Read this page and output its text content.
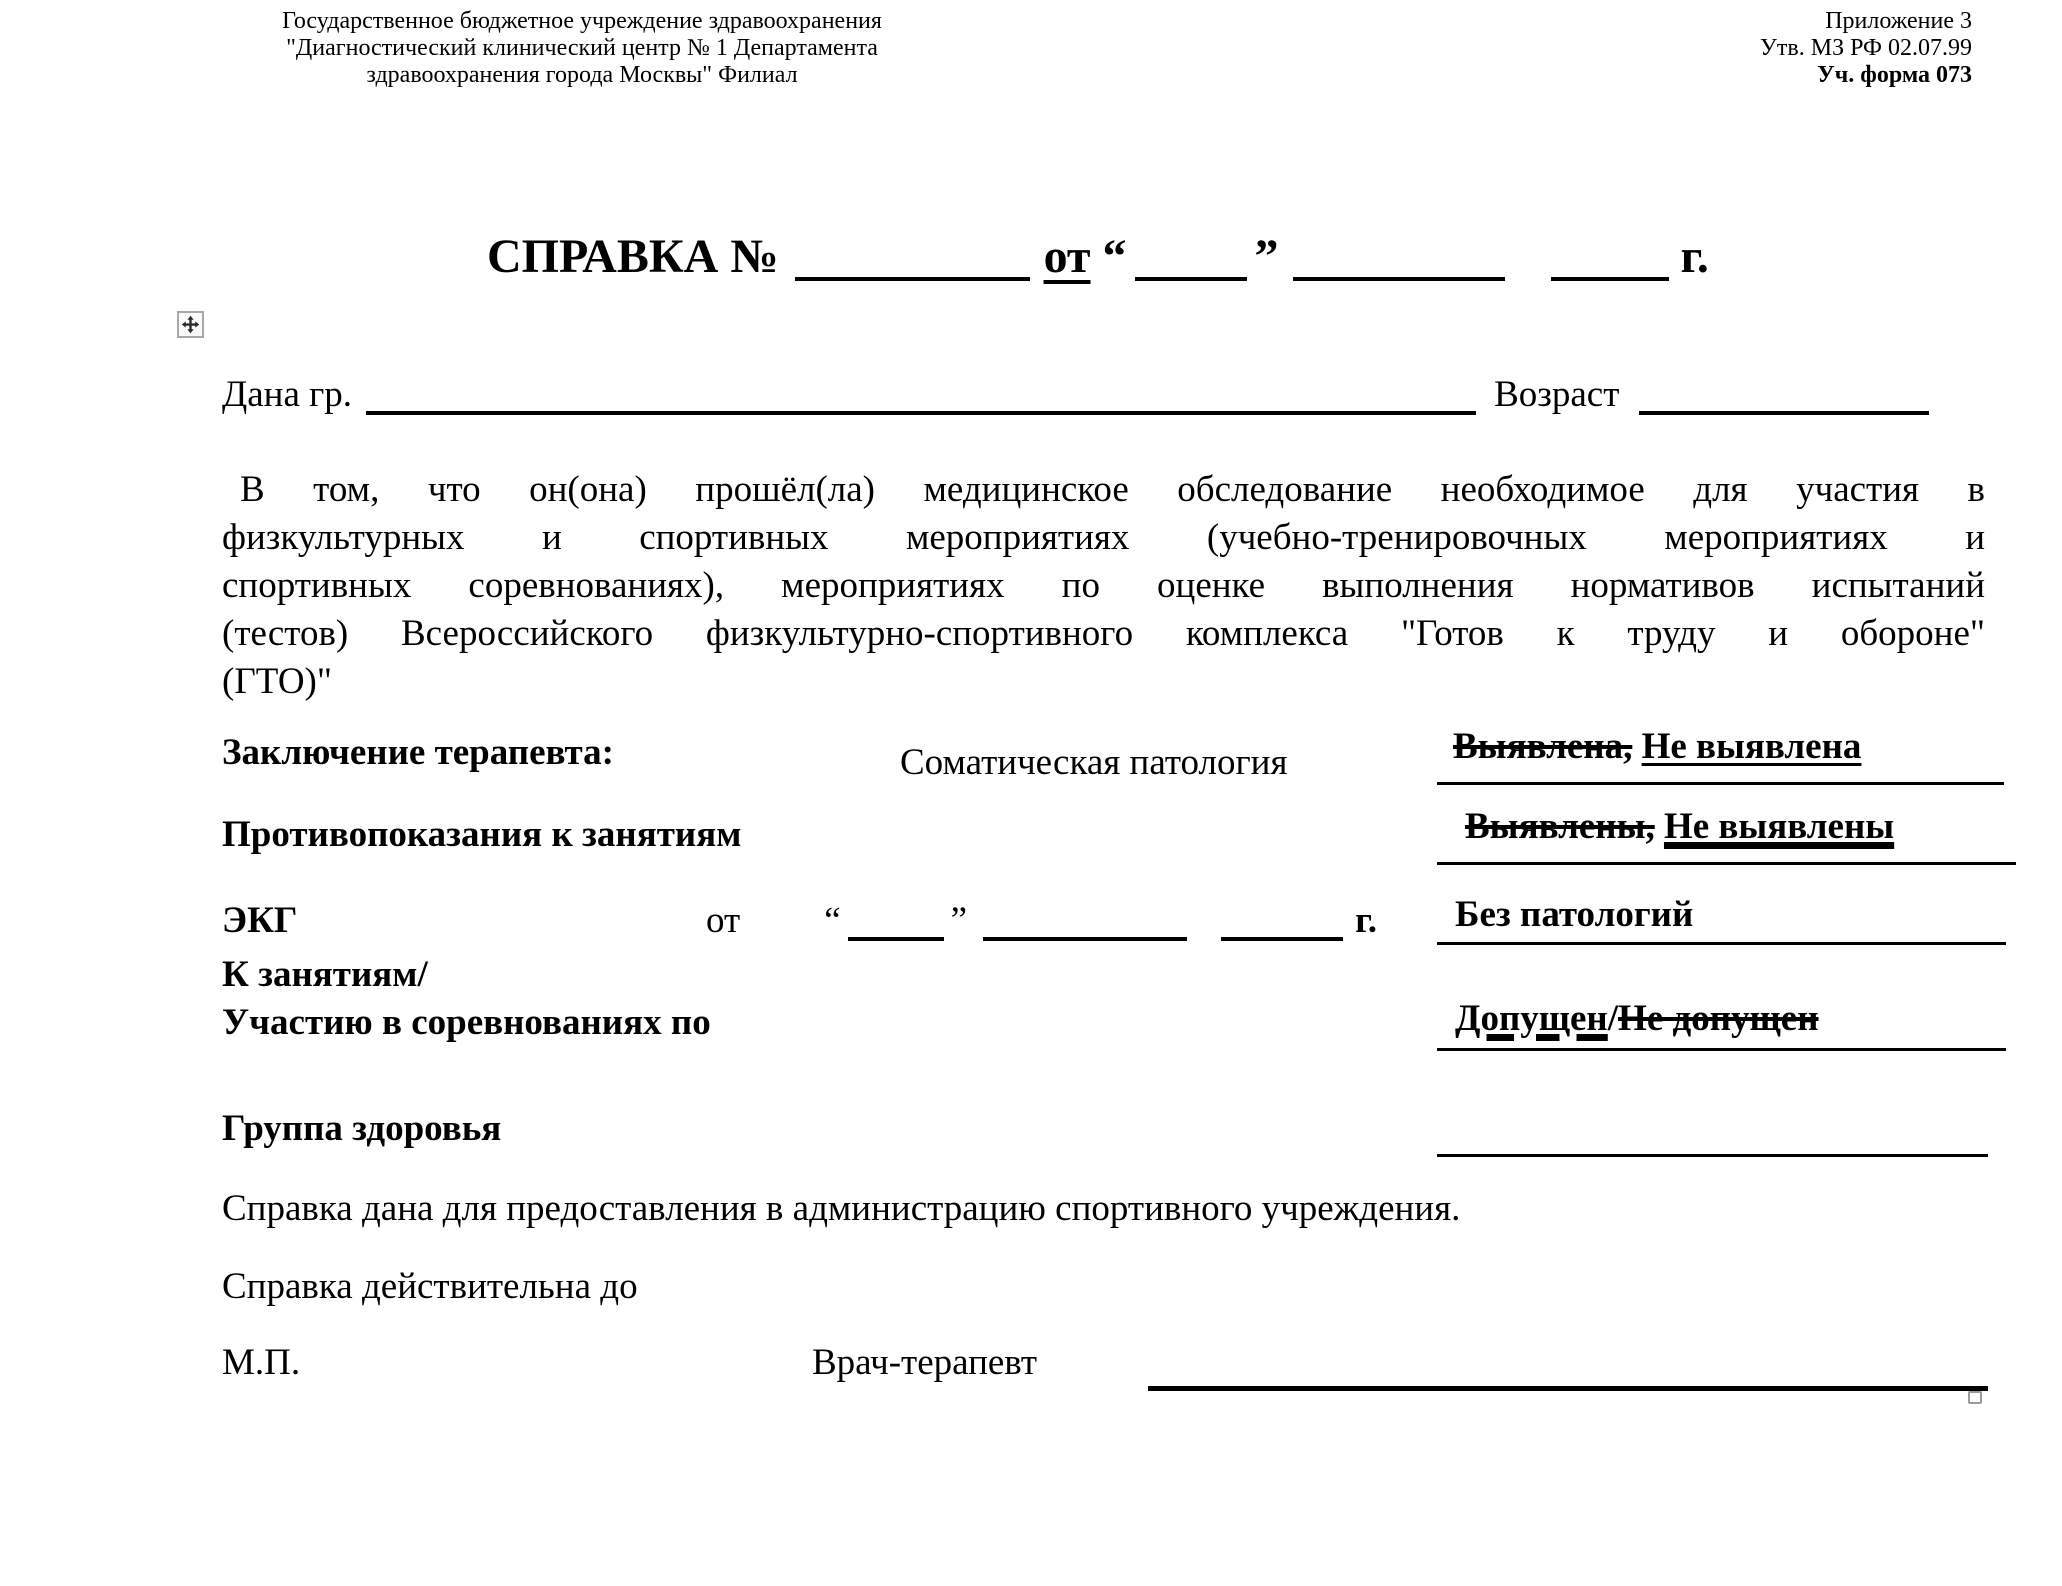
Государственное бюджетное учреждение здравоохранения
"Диагностический клинический центр № 1 Департамента
здравоохранения города Москвы" Филиал
Приложение 3
Утв. МЗ РФ 02.07.99
Уч. форма 073
СПРАВКА №	от “	”	г.
Дана гр.	Возраст
В том, что он(она) прошёл(ла) медицинское обследование необходимое для участия в
физкультурных и спортивных мероприятиях (учебно-тренировочных мероприятиях и
спортивных соревнованиях), мероприятиях по оценке выполнения нормативов испытаний
(тестов) Всероссийского физкультурно-спортивного комплекса "Готов к труду и обороне"
(ГТО)"
Заключение терапевта:	Соматическая патология	Выявлена, Не выявлена
Противопоказания к занятиям	Выявлены, Не выявлены
ЭКГ	от “	”	г.	Без патологий
К занятиям/
Участию в соревнованиях по	Допущен/Не допущен
Группа здоровья
Справка дана для предоставления в администрацию спортивного учреждения.
Справка действительна до
М.П.	Врач-терапевт
